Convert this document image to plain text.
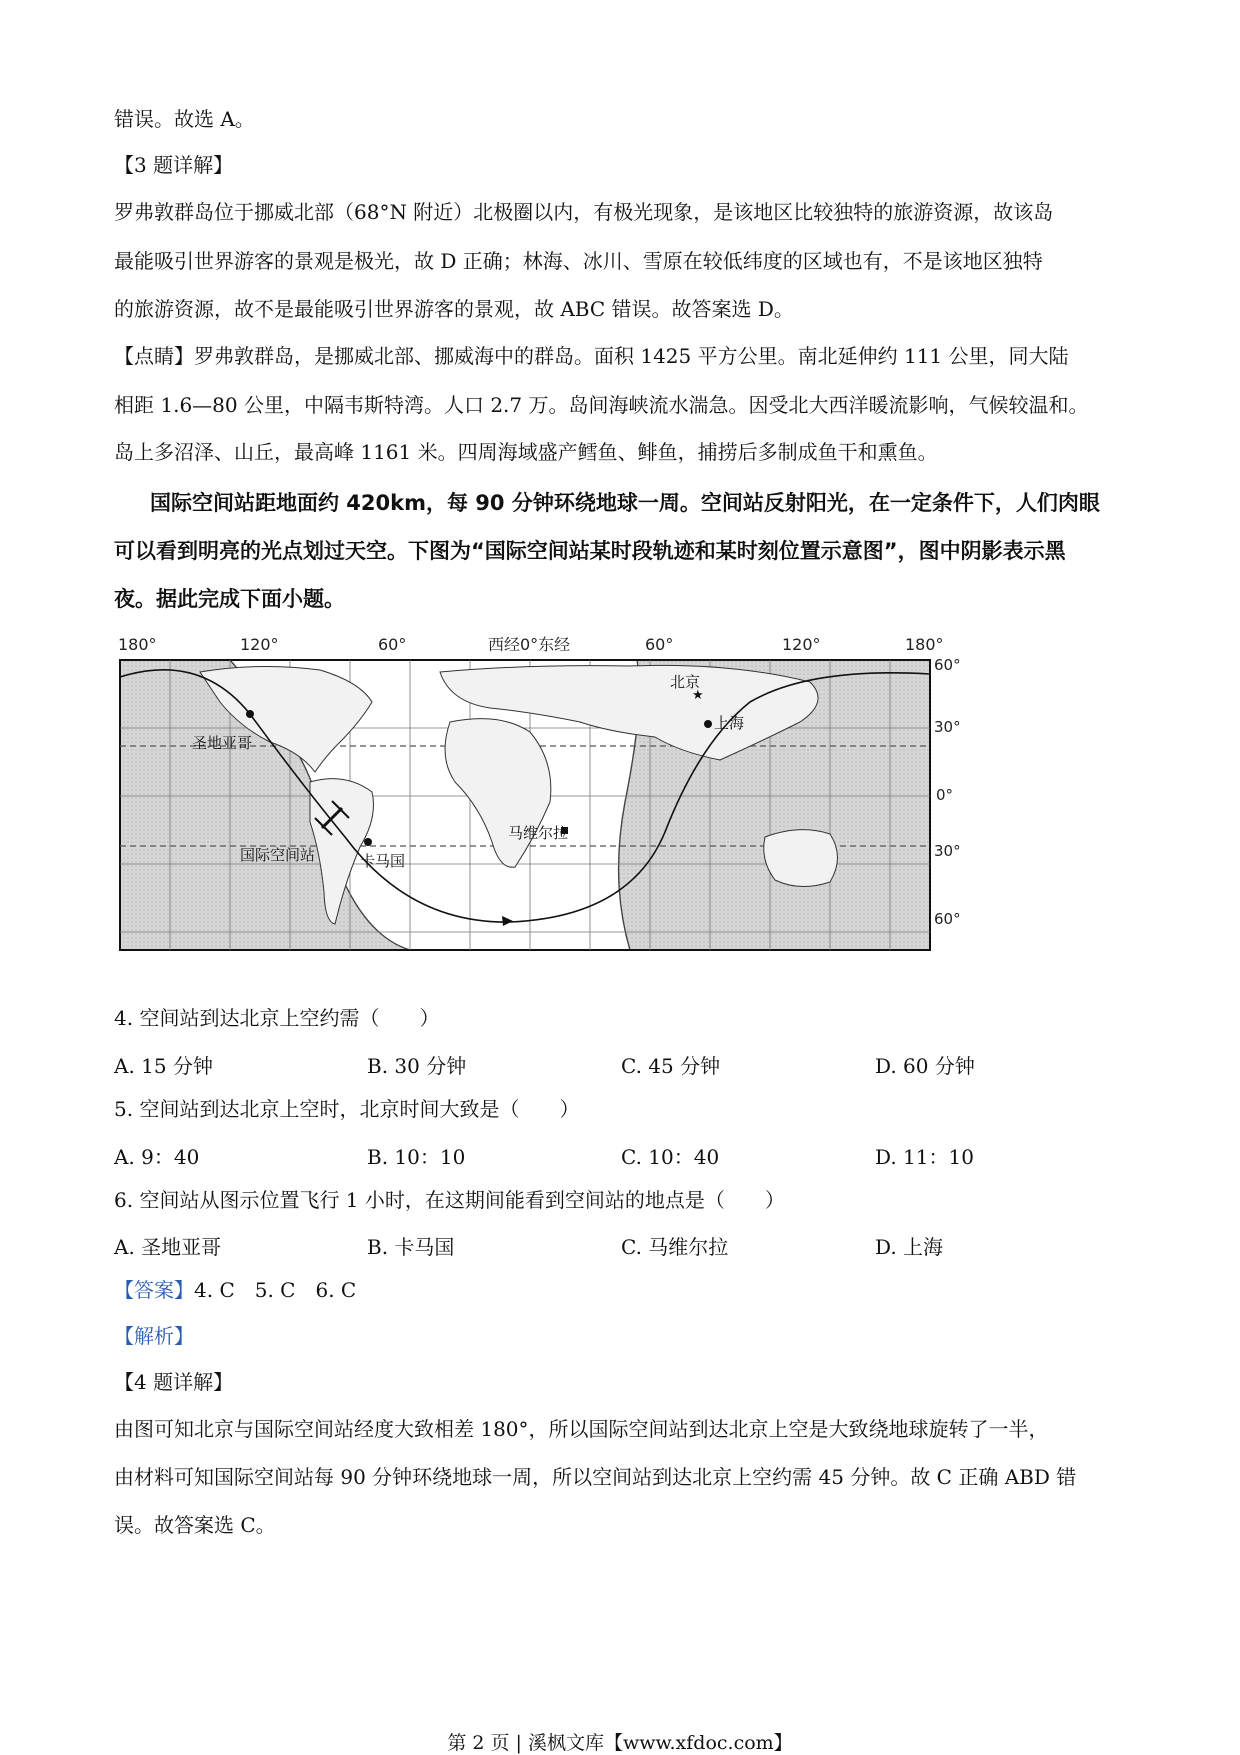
错误。故选 A。
【3 题详解】
罗弗敦群岛位于挪威北部（68°N 附近）北极圈以内，有极光现象，是该地区比较独特的旅游资源，故该岛
最能吸引世界游客的景观是极光，故 D 正确；林海、冰川、雪原在较低纬度的区域也有，不是该地区独特
的旅游资源，故不是最能吸引世界游客的景观，故 ABC 错误。故答案选 D。
【点睛】罗弗敦群岛，是挪威北部、挪威海中的群岛。面积 1425 平方公里。南北延伸约 111 公里，同大陆
相距 1.6—80 公里，中隔韦斯特湾。人口 2.7 万。岛间海峡流水湍急。因受北大西洋暖流影响，气候较温和。
岛上多沼泽、山丘，最高峰 1161 米。四周海域盛产鳕鱼、鲱鱼，捕捞后多制成鱼干和熏鱼。
国际空间站距地面约 420km，每 90 分钟环绕地球一周。空间站反射阳光，在一定条件下，人们肉眼
可以看到明亮的光点划过天空。下图为“国际空间站某时段轨迹和某时刻位置示意图”，图中阴影表示黑
夜。据此完成下面小题。
180°	120°	60°	西经0°东经	60°	120°	180°
★
北京
上海
圣地亚哥
国际空间站	卡马国
马维尔拉
60°
30°
0°
30°
60°
4. 空间站到达北京上空约需（　　）
A. 15 分钟	B. 30 分钟	C. 45 分钟	D. 60 分钟
5. 空间站到达北京上空时，北京时间大致是（　　）
A. 9：40	B. 10：10	C. 10：40	D. 11：10
6. 空间站从图示位置飞行 1 小时，在这期间能看到空间站的地点是（　　）
A. 圣地亚哥	B. 卡马国	C. 马维尔拉	D. 上海
【答案】4. C　5. C　6. C
【解析】
【4 题详解】
由图可知北京与国际空间站经度大致相差 180°，所以国际空间站到达北京上空是大致绕地球旋转了一半，
由材料可知国际空间站每 90 分钟环绕地球一周，所以空间站到达北京上空约需 45 分钟。故 C 正确 ABD 错
误。故答案选 C。
第 2 页 | 溪枫文库【www.xfdoc.com】
